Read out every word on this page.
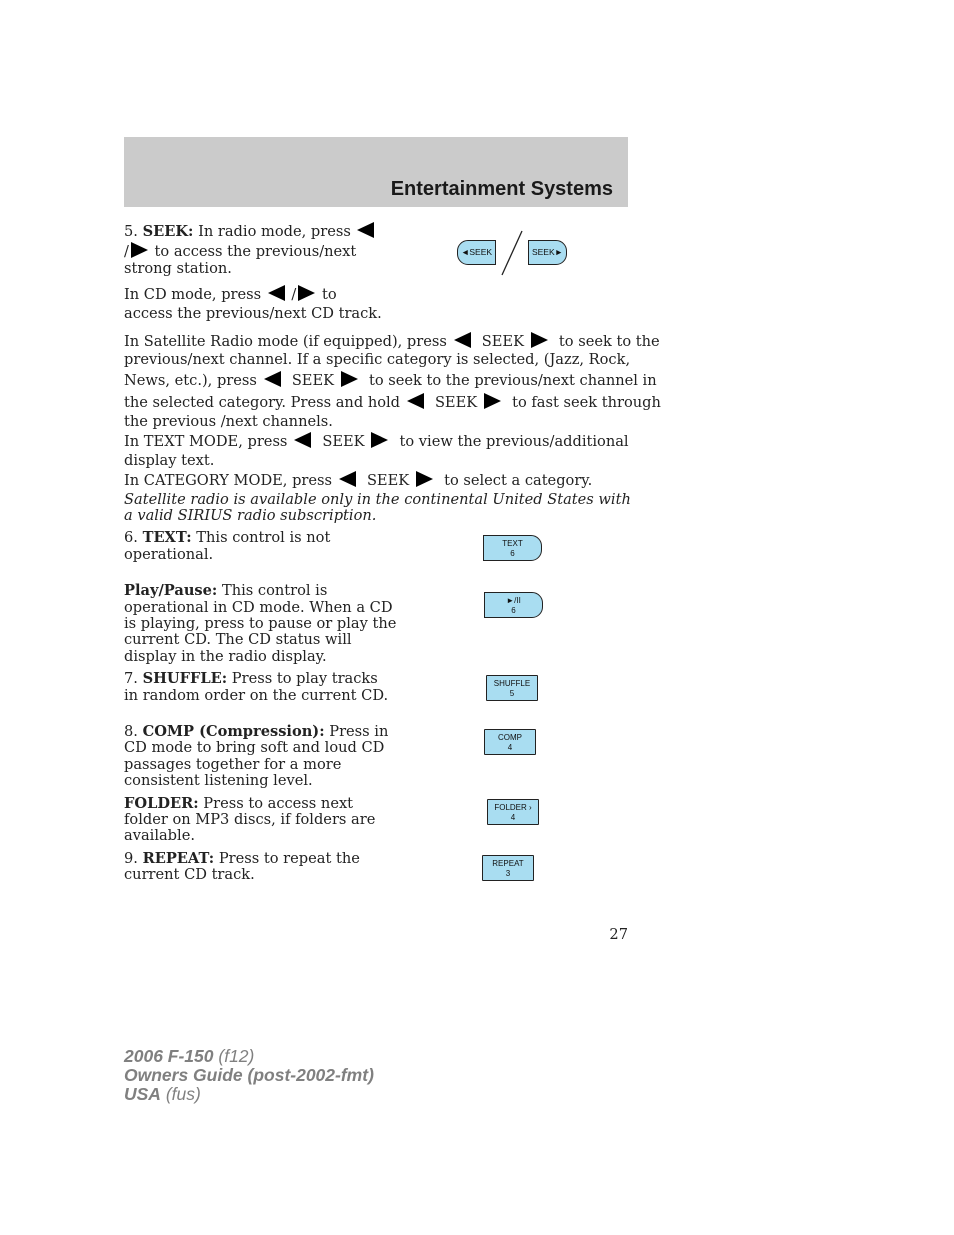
Entertainment Systems

5. SEEK: In radio mode, press

/ to access the previous/next

strong station.

◄SEEK	SEEK►

In CD mode, press / to

access the previous/next CD track.

In Satellite Radio mode (if equipped), press SEEK to seek to the

previous/next channel. If a specific category is selected, (Jazz, Rock,

News, etc.), press SEEK to seek to the previous/next channel in

the selected category. Press and hold SEEK to fast seek through

the previous /next channels.

In TEXT MODE, press SEEK to view the previous/additional

display text.

In CATEGORY MODE, press SEEK to select a category.

Satellite radio is available only in the continental United States with

a valid SIRIUS radio subscription.

6. TEXT: This control is not

operational.

TEXT
6

Play/Pause: This control is

operational in CD mode. When a CD

is playing, press to pause or play the

current CD. The CD status will

display in the radio display.

►/II
6

7. SHUFFLE: Press to play tracks

in random order on the current CD.

SHUFFLE
5

8. COMP (Compression): Press in

CD mode to bring soft and loud CD

passages together for a more

consistent listening level.

COMP
4

FOLDER: Press to access next

folder on MP3 discs, if folders are

available.

FOLDER ›
4

9. REPEAT: Press to repeat the

current CD track.

REPEAT
3
27
2006 F-150 (f12)
Owners Guide (post-2002-fmt)
USA (fus)
